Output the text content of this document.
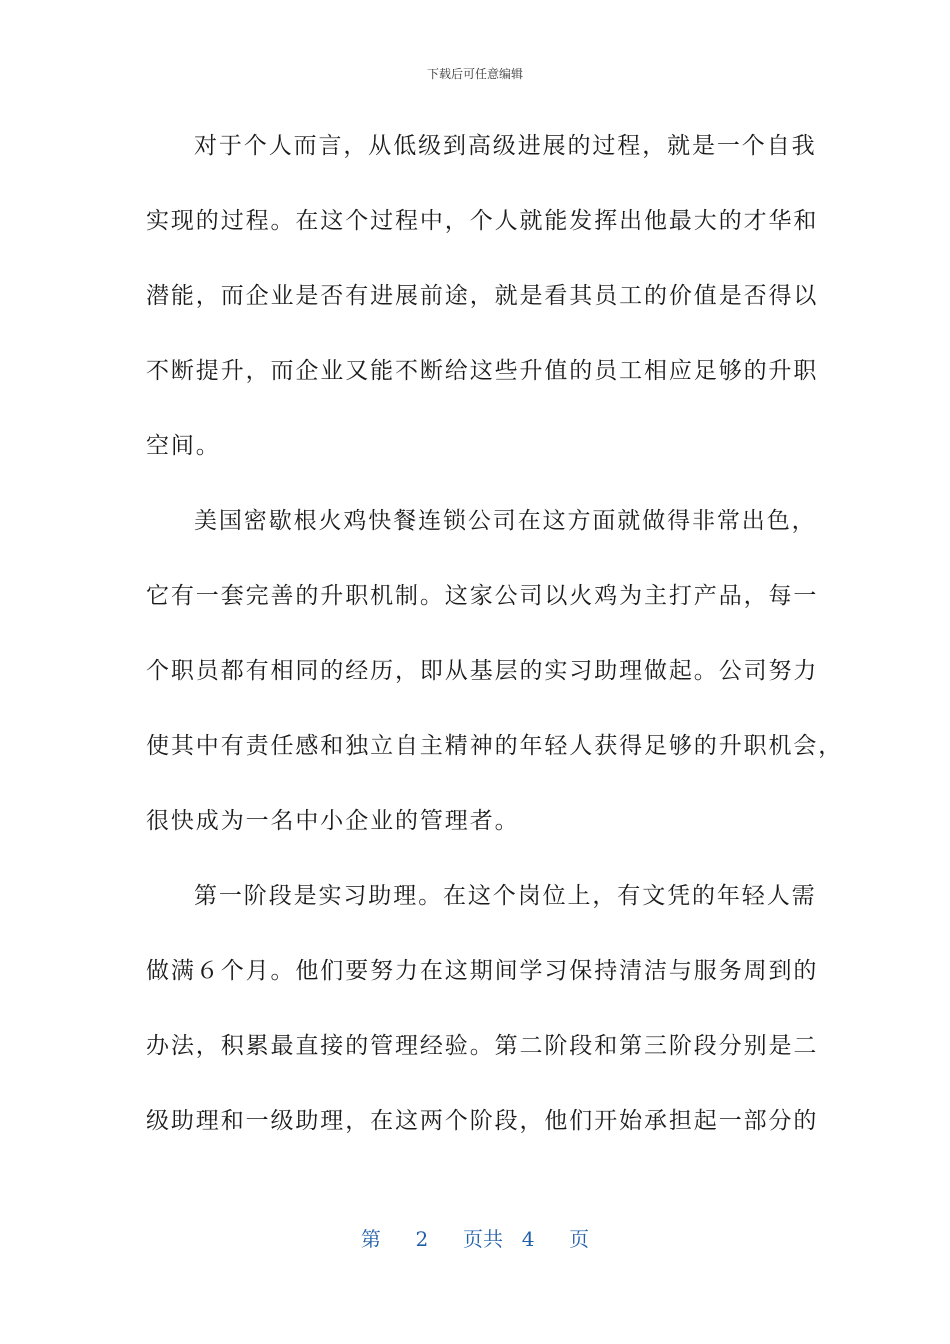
下载后可任意编辑
对于个人而言，从低级到高级进展的过程，就是一个自我
实现的过程。在这个过程中，个人就能发挥出他最大的才华和
潜能，而企业是否有进展前途，就是看其员工的价值是否得以
不断提升，而企业又能不断给这些升值的员工相应足够的升职
空间。
美国密歇根火鸡快餐连锁公司在这方面就做得非常出色，
它有一套完善的升职机制。这家公司以火鸡为主打产品，每一
个职员都有相同的经历，即从基层的实习助理做起。公司努力
使其中有责任感和独立自主精神的年轻人获得足够的升职机会，
很快成为一名中小企业的管理者。
第一阶段是实习助理。在这个岗位上，有文凭的年轻人需
做满６个月。他们要努力在这期间学习保持清洁与服务周到的
办法，积累最直接的管理经验。第二阶段和第三阶段分别是二
级助理和一级助理，在这两个阶段，他们开始承担起一部分的
第 2 页共 4 页
